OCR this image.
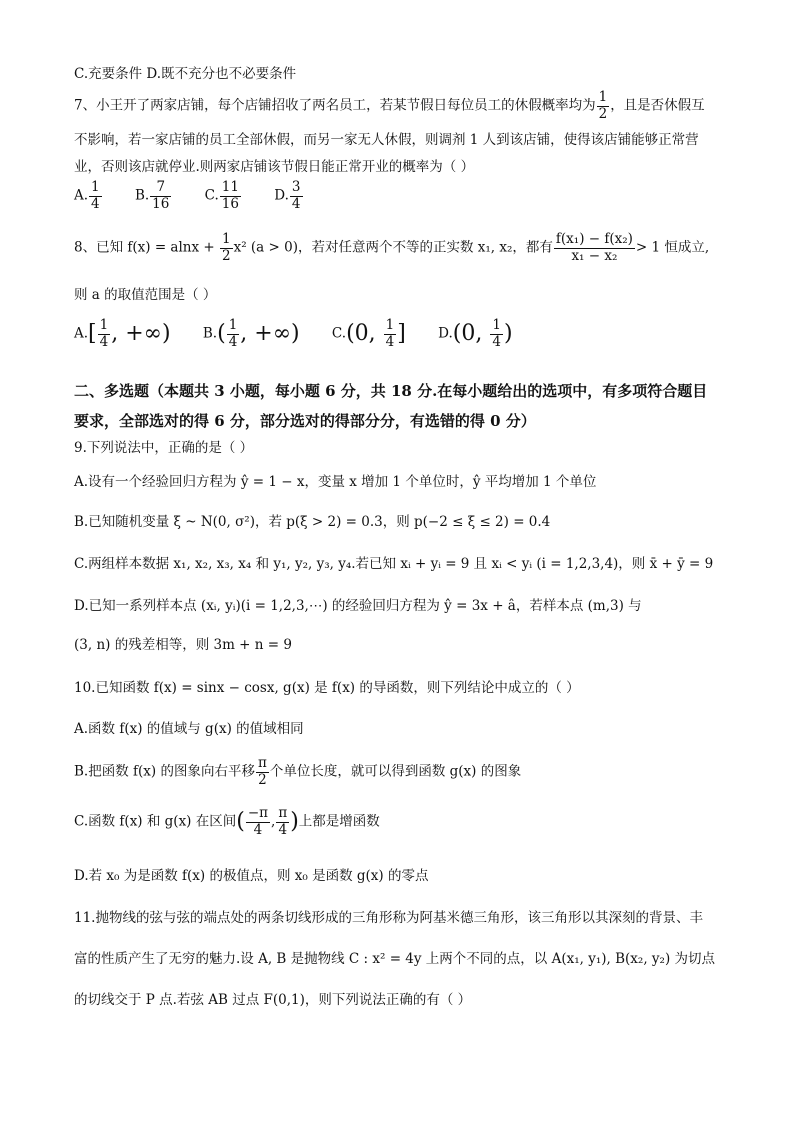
C.充要条件 D.既不充分也不必要条件
7、小王开了两家店铺，每个店铺招收了两名员工，若某节假日每位员工的休假概率均为 $\frac{1}{2}$ ，且是否休假互
不影响，若一家店铺的员工全部休假，而另一家无人休假，则调剂 1 人到该店铺，使得该店铺能够正常营
业，否则该店就停业.则两家店铺该节假日能正常开业的概率为（ ）
A. $\frac{1}{4} B$. $\frac{7}{16} C$. $\frac{11}{16} D$. $\frac{3}{4}$
8、已知 $f(x) = alnx + \frac{1}{2} x^2$ (a > 0)，若对任意两个不等的正实数 x₁, x₂，都有 $\frac{\text{f(x₁) − f(x₂)}}{\text{x₁ − x₂}} > 1$ 恒成立,
则 a 的取值范围是（ ）
$A.[ \frac{1}{4}$ , +∞) $B.( \frac{1}{4}$ , +∞) C.(0, $\frac{1}{4}$ ] D.(0, $\frac{1}{4}$ )
二、多选题（本题共 3 小题，每小题 6 分，共 18 分.在每小题给出的选项中，有多项符合题目
要求，全部选对的得 6 分，部分选对的得部分分，有选错的得 0 分）
9.下列说法中，正确的是（ ）
A.设有一个经验回归方程为 ŷ = 1 − x，变量 x 增加 1 个单位时，ŷ 平均增加 1 个单位
B.已知随机变量 ξ ~ N(0, σ²)，若 p(ξ > 2) = 0.3，则 p(−2 ≤ ξ ≤ 2) = 0.4
C.两组样本数据 x₁, x₂, x₃, x₄ 和 y₁, y₂, y₃, y₄.若已知 xᵢ + yᵢ = 9 且 xᵢ < yᵢ (i = 1,2,3,4)，则 x̄ + ȳ = 9
D.已知一系列样本点 (xᵢ, yᵢ)(i = 1,2,3,⋯) 的经验回归方程为 ŷ = 3x + â，若样本点 (m,3) 与
(3, n) 的残差相等，则 3m + n = 9
10.已知函数 f(x) = sinx − cosx, g(x) 是 f(x) 的导函数，则下列结论中成立的（ ）
A.函数 f(x) 的值域与 g(x) 的值域相同
B.把函数 f(x) 的图象向右平移 $\frac{\pi}{2}$ 个单位长度，就可以得到函数 g(x) 的图象
C.函数 f(x) 和 g(x) 在区间( $\frac{-\pi}{4}$ , $\frac{\pi}{4}$ )上都是增函数
D.若 x₀ 为是函数 f(x) 的极值点，则 x₀ 是函数 g(x) 的零点
11.抛物线的弦与弦的端点处的两条切线形成的三角形称为阿基米德三角形，该三角形以其深刻的背景、丰
富的性质产生了无穷的魅力.设 A, B 是抛物线 C : x² = 4y 上两个不同的点，以 A(x₁, y₁), B(x₂, y₂) 为切点
的切线交于 P 点.若弦 AB 过点 F(0,1)，则下列说法正确的有（ ）
